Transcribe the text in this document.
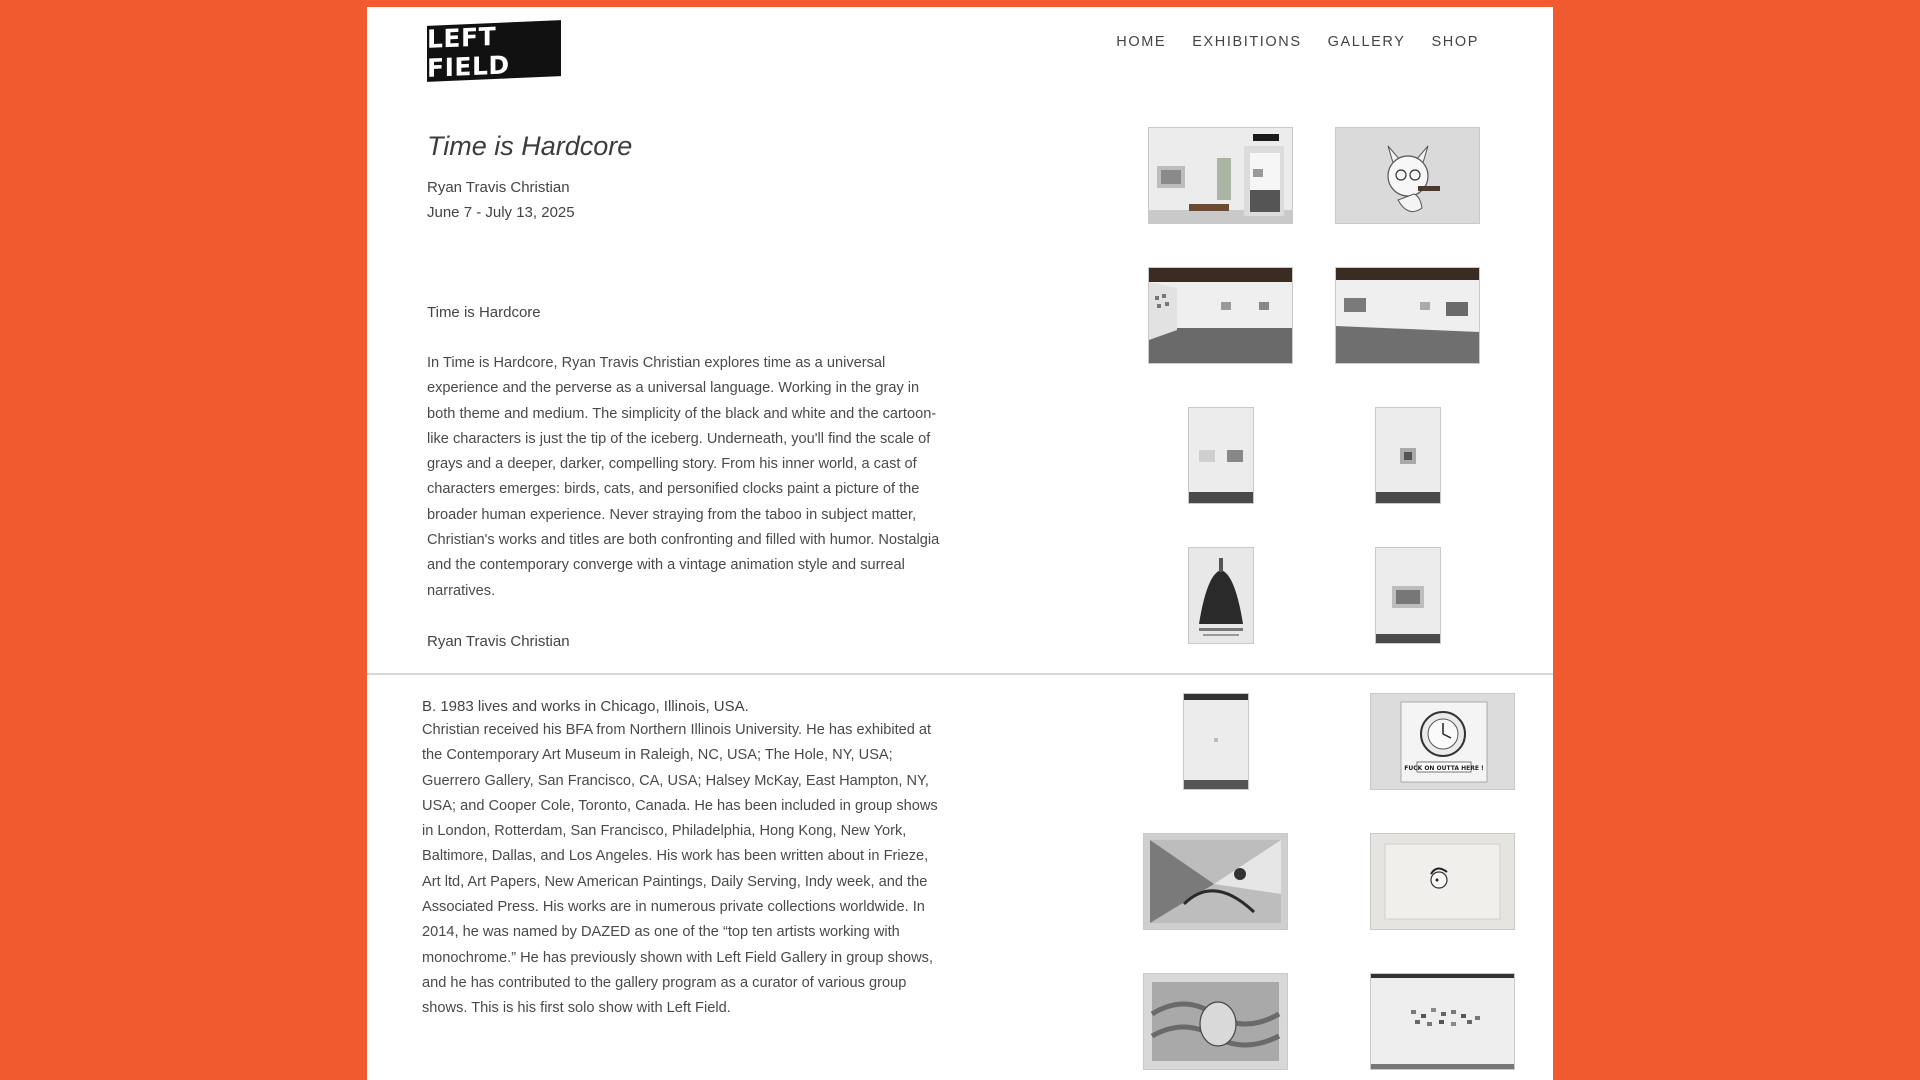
LEFT FIELD
HOME EXHIBITIONS GALLERY SHOP
Time is Hardcore
Ryan Travis Christian
June 7 - July 13, 2025
Time is Hardcore

In Time is Hardcore, Ryan Travis Christian explores time as a universal experience and the perverse as a universal language. Working in the gray in both theme and medium. The simplicity of the black and white and the cartoon-like characters is just the tip of the iceberg. Underneath, you'll find the scale of grays and a deeper, darker, compelling story. From his inner world, a cast of characters emerges: birds, cats, and personified clocks paint a picture of the broader human experience. Never straying from the taboo in subject matter, Christian's works and titles are both confronting and filled with humor. Nostalgia and the contemporary converge with a vintage animation style and surreal narratives.

Ryan Travis Christian
B. 1983 lives and works in Chicago, Illinois, USA.

Christian received his BFA from Northern Illinois University. He has exhibited at the Contemporary Art Museum in Raleigh, NC, USA; The Hole, NY, USA; Guerrero Gallery, San Francisco, CA, USA; Halsey McKay, East Hampton, NY, USA; and Cooper Cole, Toronto, Canada. He has been included in group shows in London, Rotterdam, San Francisco, Philadelphia, Hong Kong, New York, Baltimore, Dallas, and Los Angeles. His work has been written about in Frieze, Art ltd, Art Papers, New American Paintings, Daily Serving, Indy week, and the Associated Press. His works are in numerous private collections worldwide. In 2014, he was named by DAZED as one of the “top ten artists working with monochrome.” He has previously shown with Left Field Gallery in group shows, and he has contributed to the gallery program as a curator of various group shows. This is his first solo show with Left Field.

FUCK ON OUTTA HERE !
